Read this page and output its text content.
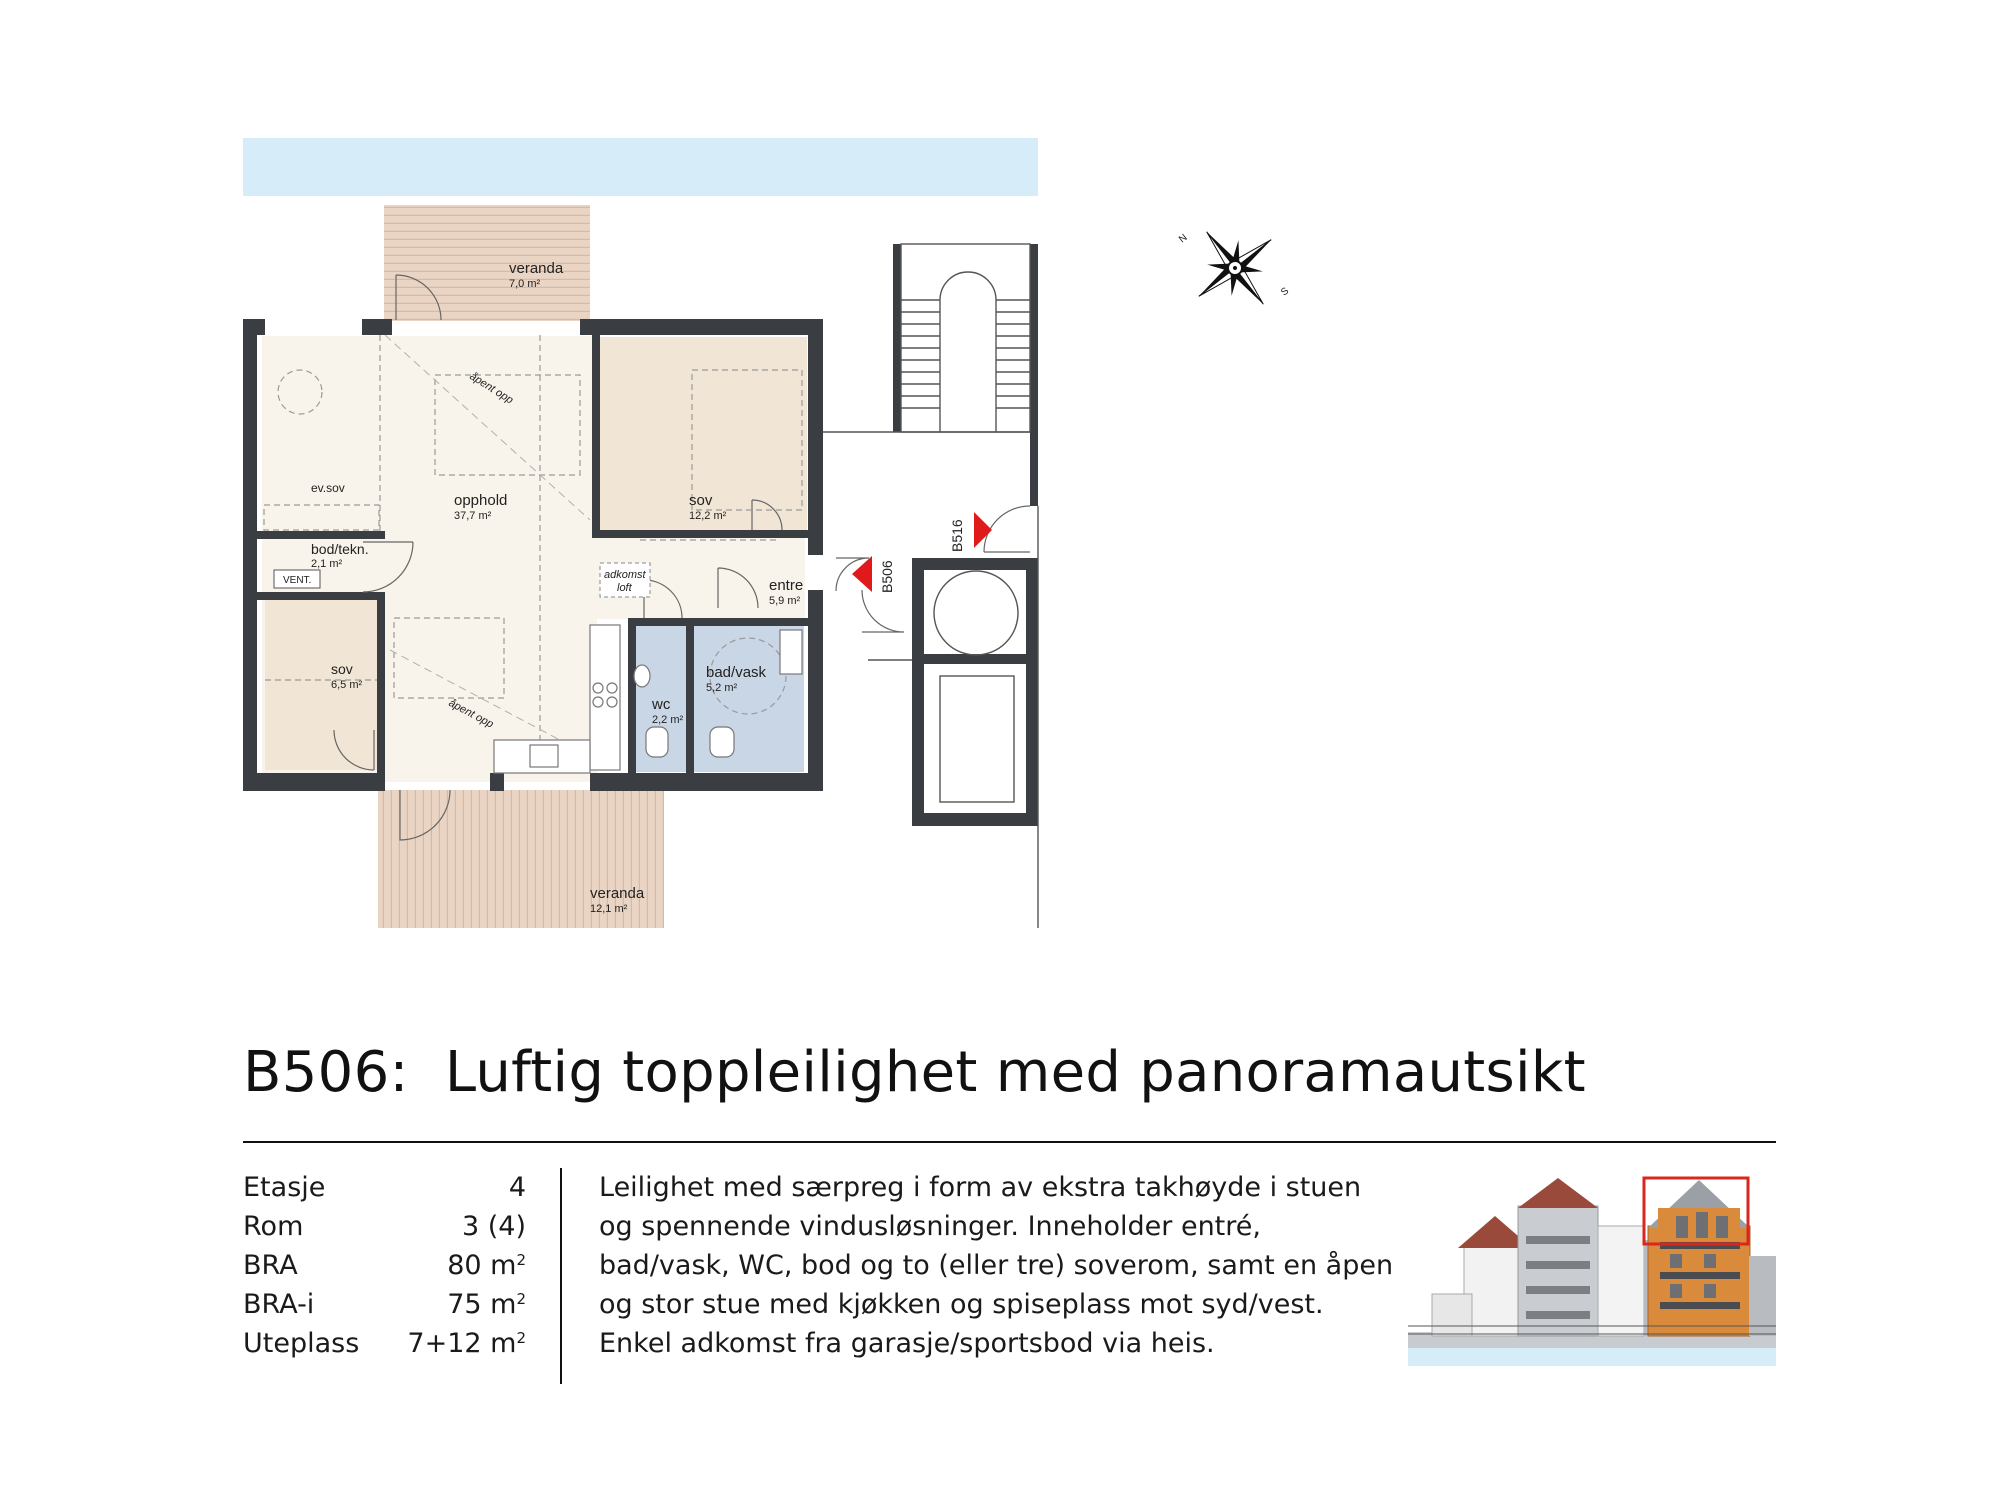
veranda
7,0 m²
opphold
37,7 m²
sov
12,2 m²
ev.sov
bod/tekn.
2,1 m²
sov
6,5 m²
entre
5,9 m²
wc
2,2 m²
bad/vask
5,2 m²
veranda
12,1 m²
VENT.	adkomst
loft
åpent opp
åpent opp
B506
B516
N
S
B506: Luftig toppleilighet med panoramautsikt
Etasje	4
Rom	3 (4)
BRA	80 $m^2$
BRA-i	75 $m^2$
Uteplass 7+12 $m^2$
Leilighet med særpreg i form av ekstra takhøyde i stuen
og spennende vindusløsninger. Inneholder entré,
bad/vask, WC, bod og to (eller tre) soverom, samt en åpen
og stor stue med kjøkken og spiseplass mot syd/vest.
Enkel adkomst fra garasje/sportsbod via heis.
